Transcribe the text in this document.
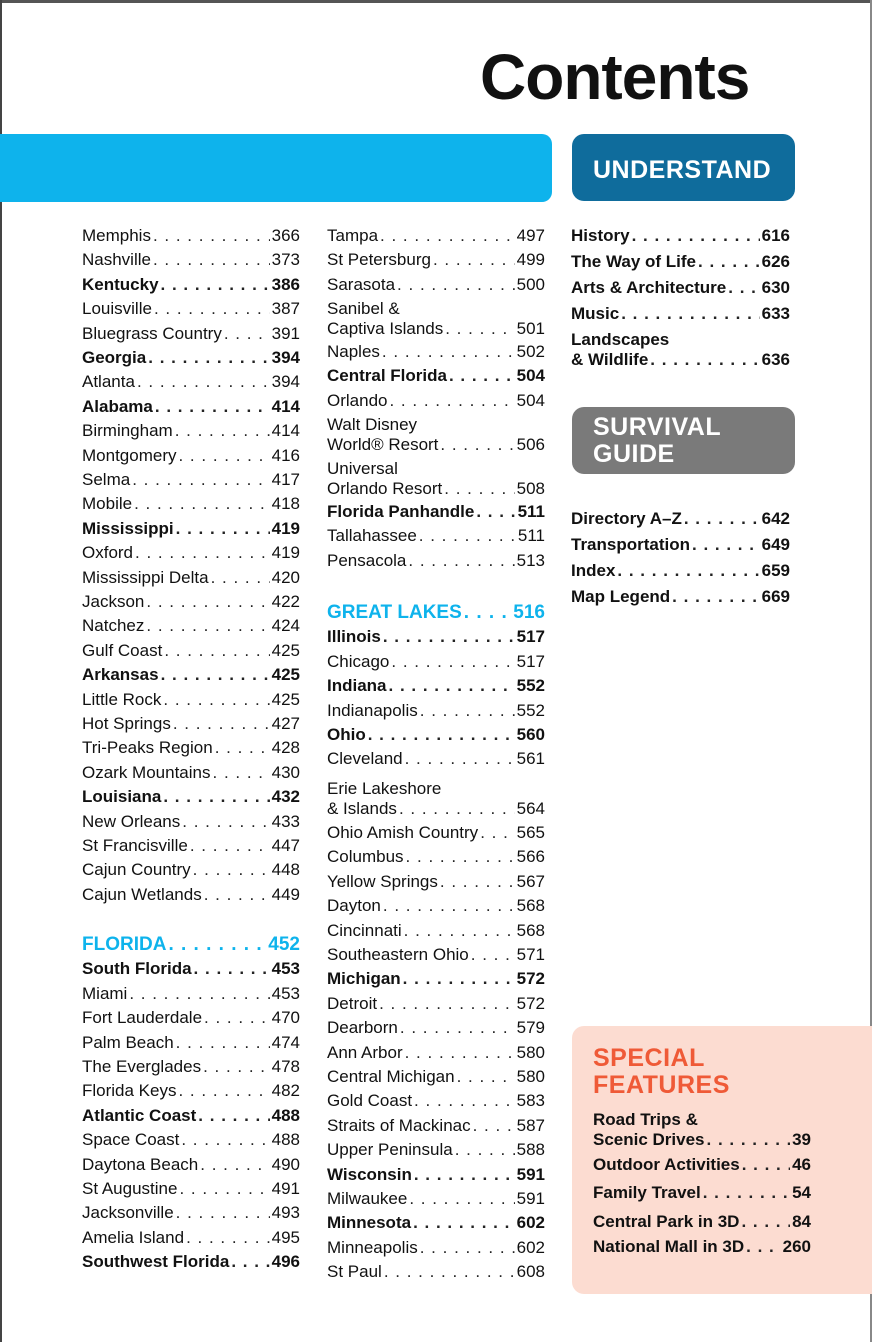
Contents
UNDERSTAND
SURVIVAL
GUIDE
SPECIAL
FEATURES
Memphis . . .	366
Nashville . . .	373
Kentucky . . .	386
Louisville . . .	387
Bluegrass Country . . .	391
Georgia . . .	394
Atlanta . . .	394
Alabama . . .	414
Birmingham . . .	414
Montgomery . . .	416
Selma . . .	417
Mobile . . .	418
Mississippi . . .	419
Oxford . . .	419
Mississippi Delta . . .	420
Jackson . . .	422
Natchez . . .	424
Gulf Coast . . .	425
Arkansas . . .	425
Little Rock . . .	425
Hot Springs . . .	427
Tri-Peaks Region . . .	428
Ozark Mountains . . .	430
Louisiana . . .	432
New Orleans . . .	433
St Francisville . . .	447
Cajun Country . . .	448
Cajun Wetlands . . .	449
FLORIDA . . .	452
South Florida . . .	453
Miami . . .	453
Fort Lauderdale . . .	470
Palm Beach . . .	474
The Everglades . . .	478
Florida Keys . . .	482
Atlantic Coast . . .	488
Space Coast . . .	488
Daytona Beach . . .	490
St Augustine . . .	491
Jacksonville . . .	493
Amelia Island . . .	495
Southwest Florida . . . 496
Tampa . . .	497
St Petersburg . . .	499
Sarasota . . .	500
Sanibel &
Captiva Islands . . .	501
Naples . . .	502
Central Florida . . .	504
Orlando . . .	504
Walt Disney
World® Resort . . .	506
Universal
Orlando Resort . . .	508
Florida Panhandle . . .	511
Tallahassee . . .	511
Pensacola . . .	513
GREAT LAKES . . .	516
Illinois . . .	517
Chicago . . .	517
Indiana . . .	552
Indianapolis . . .	552
Ohio . . .	560
Cleveland . . .	561
Erie Lakeshore
& Islands . . .	564
Ohio Amish Country . . . 565
Columbus . . .	566
Yellow Springs . . .	567
Dayton . . .	568
Cincinnati . . .	568
Southeastern Ohio . . .	571
Michigan . . .	572
Detroit . . .	572
Dearborn . . .	579
Ann Arbor . . .	580
Central Michigan . . .	580
Gold Coast . . .	583
Straits of Mackinac . . .	587
Upper Peninsula . . .	588
Wisconsin . . .	591
Milwaukee . . .	591
Minnesota . . .	602
Minneapolis . . .	602
St Paul . . .	608
History . . .	616
The Way of Life . . .	626
Arts & Architecture . . . 630
Music . . .	633
Landscapes
& Wildlife . . .	636
Directory A–Z . . .	642
Transportation . . .	649
Index . . .	659
Map Legend . . .	669
Road Trips &
Scenic Drives . . .	39
Outdoor Activities . . .	46
Family Travel . . .	54
Central Park in 3D . . .	84
National Mall in 3D . . . 260
